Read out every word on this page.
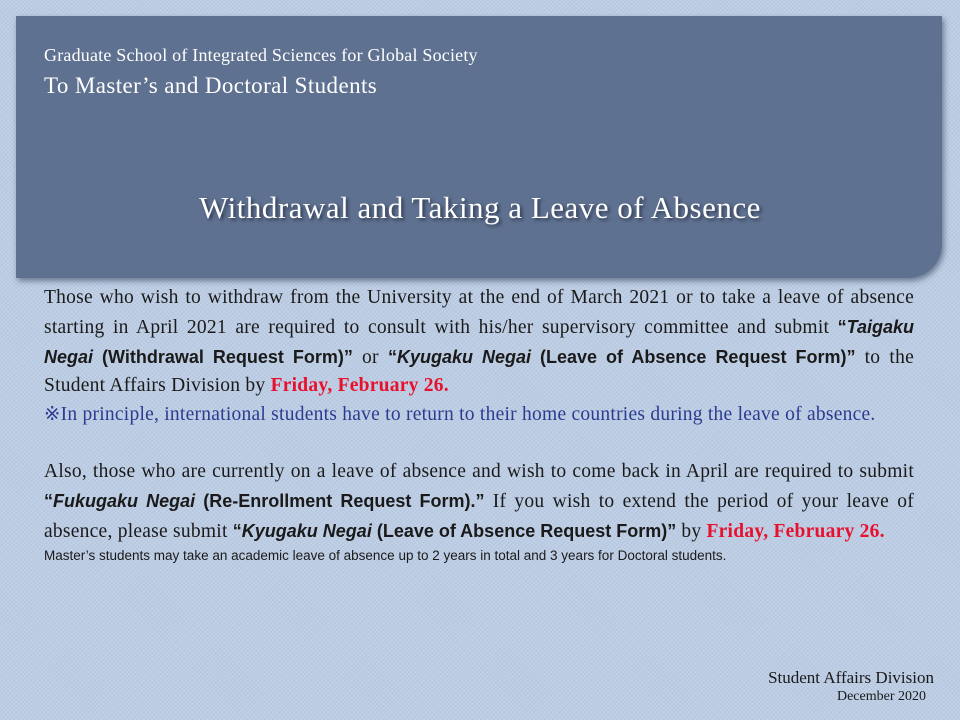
Graduate School of Integrated Sciences for Global Society
To Master’s and Doctoral Students
Withdrawal and Taking a Leave of Absence

Those who wish to withdraw from the University at the end of March 2021 or to take a leave of absence starting in April 2021 are required to consult with his/her supervisory committee and submit “Taigaku Negai (Withdrawal Request Form)” or “Kyugaku Negai (Leave of Absence Request Form)” to the Student Affairs Division by Friday, February 26.

※In principle, international students have to return to their home countries during the leave of absence.

Also, those who are currently on a leave of absence and wish to come back in April are required to submit “Fukugaku Negai (Re-Enrollment Request Form).” If you wish to extend the period of your leave of absence, please submit “Kyugaku Negai (Leave of Absence Request Form)” by Friday, February 26.

Master’s students may take an academic leave of absence up to 2 years in total and 3 years for Doctoral students.

Student Affairs Division
December 2020
